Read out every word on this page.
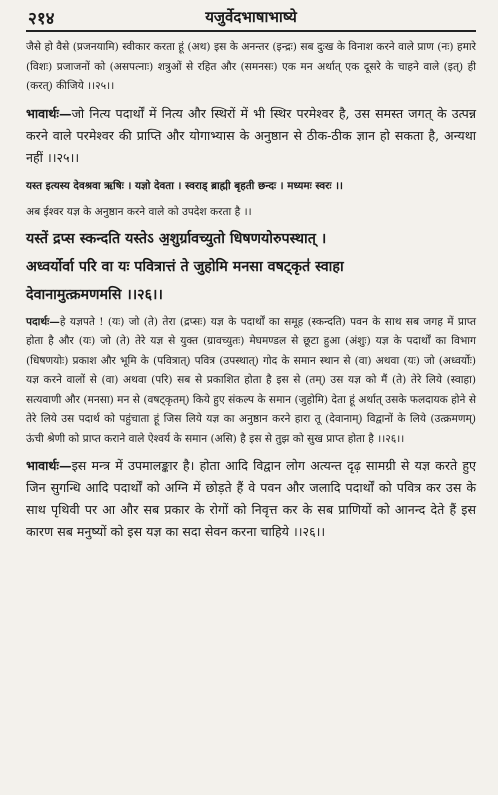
२१४	यजुर्वेदभाषाभाष्ये

जैसे हो वैसे (प्रजनयामि) स्वीकार करता हूं (अथ) इस के अनन्तर (इन्द्रः) सब दुःख के विनाश करने वाले प्राण (नः) हमारे (विशः) प्रजाजनों को (असपत्नाः) शत्रुओं से रहित और (समनसः) एक मन अर्थात् एक दूसरे के चाहने वाले (इत्) ही (करत्) कीजिये ।।२५।।

भावार्थः—जो नित्य पदार्थों में नित्य और स्थिरों में भी स्थिर परमेश्वर है, उस समस्त जगत् के उत्पन्न करने वाले परमेश्वर की प्राप्ति और योगाभ्यास के अनुष्ठान से ठीक-ठीक ज्ञान हो सकता है, अन्यथा नहीं ।।२५।।

यस्त इत्यस्य देवश्रवा ऋषिः । यज्ञो देवता । स्वराड् ब्राह्मी बृहती छन्दः । मध्यमः स्वरः ।।

अब ईश्वर यज्ञ के अनुष्ठान करने वाले को उपदेश करता है ।।

यस्तें द्रप्स स्कन्दति यस्तेऽ अ॒शुर्ग्रावच्युतो धिषणयोरुपस्थात् ।
अध्वर्योर्वा परि वा यः पवित्रात्तं ते जुहोमि मनसा वषट्कृत॑ स्वाहा
देवानामुत्क्रमणमसि ।।२६।।

पदार्थः—हे यज्ञपते ! (यः) जो (ते) तेरा (द्रप्सः) यज्ञ के पदार्थों का समूह (स्कन्दति) पवन के साथ सब जगह में प्राप्त होता है और (यः) जो (ते) तेरे यज्ञ से युक्त (ग्रावच्युतः) मेघमण्डल से छूटा हुआ (अंशुः) यज्ञ के पदार्थों का विभाग (धिषणयोः) प्रकाश और भूमि के (पवित्रात्) पवित्र (उपस्थात्) गोद के समान स्थान से (वा) अथवा (यः) जो (अध्वर्योः) यज्ञ करने वालों से (वा) अथवा (परि) सब से प्रकाशित होता है इस से (तम्) उस यज्ञ को मैं (ते) तेरे लिये (स्वाहा) सत्यवाणी और (मनसा) मन से (वषट्कृतम्) किये हुए संकल्प के समान (जुहोमि) देता हूं अर्थात् उसके फलदायक होने से तेरे लिये उस पदार्थ को पहुंचाता हूं जिस लिये यज्ञ का अनुष्ठान करने हारा तू (देवानाम्) विद्वानों के लिये (उत्क्रमणम्) ऊंची श्रेणी को प्राप्त कराने वाले ऐश्वर्य के समान (असि) है इस से तुझ को सुख प्राप्त होता है ।।२६।।

भावार्थः—इस मन्त्र में उपमालङ्कार है। होता आदि विद्वान लोग अत्यन्त दृढ़ सामग्री से यज्ञ करते हुए जिन सुगन्धि आदि पदार्थों को अग्नि में छोड़ते हैं वे पवन और जलादि पदार्थों को पवित्र कर उस के साथ पृथिवी पर आ और सब प्रकार के रोगों को निवृत्त कर के सब प्राणियों को आनन्द देते हैं इस कारण सब मनुष्यों को इस यज्ञ का सदा सेवन करना चाहिये ।।२६।।
